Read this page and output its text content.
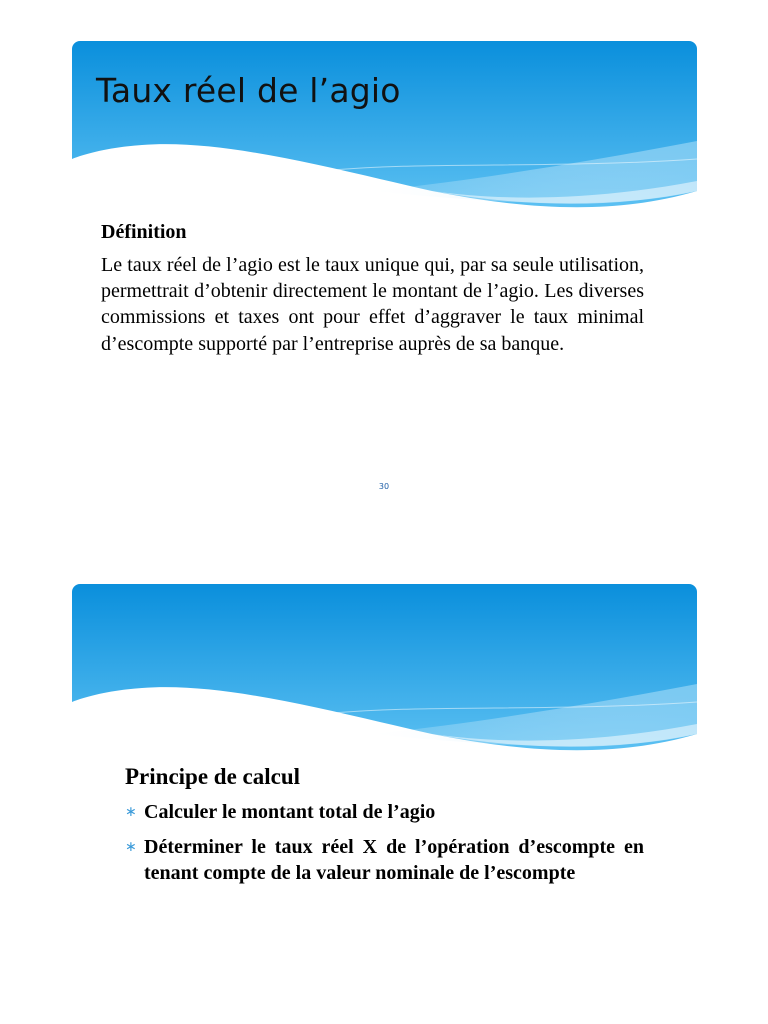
Taux réel de l’agio
Définition

Le taux réel de l’agio est le taux unique qui, par sa seule utilisation, permettrait d’obtenir directement le montant de l’agio. Les diverses commissions et taxes ont pour effet d’aggraver le taux minimal d’escompte supporté par l’entreprise auprès de sa banque.

30
Principe de calcul
∗ Calculer le montant total de l’agio
∗ Déterminer le taux réel X de l’opération d’escompte en tenant compte de la valeur nominale de l’escompte
